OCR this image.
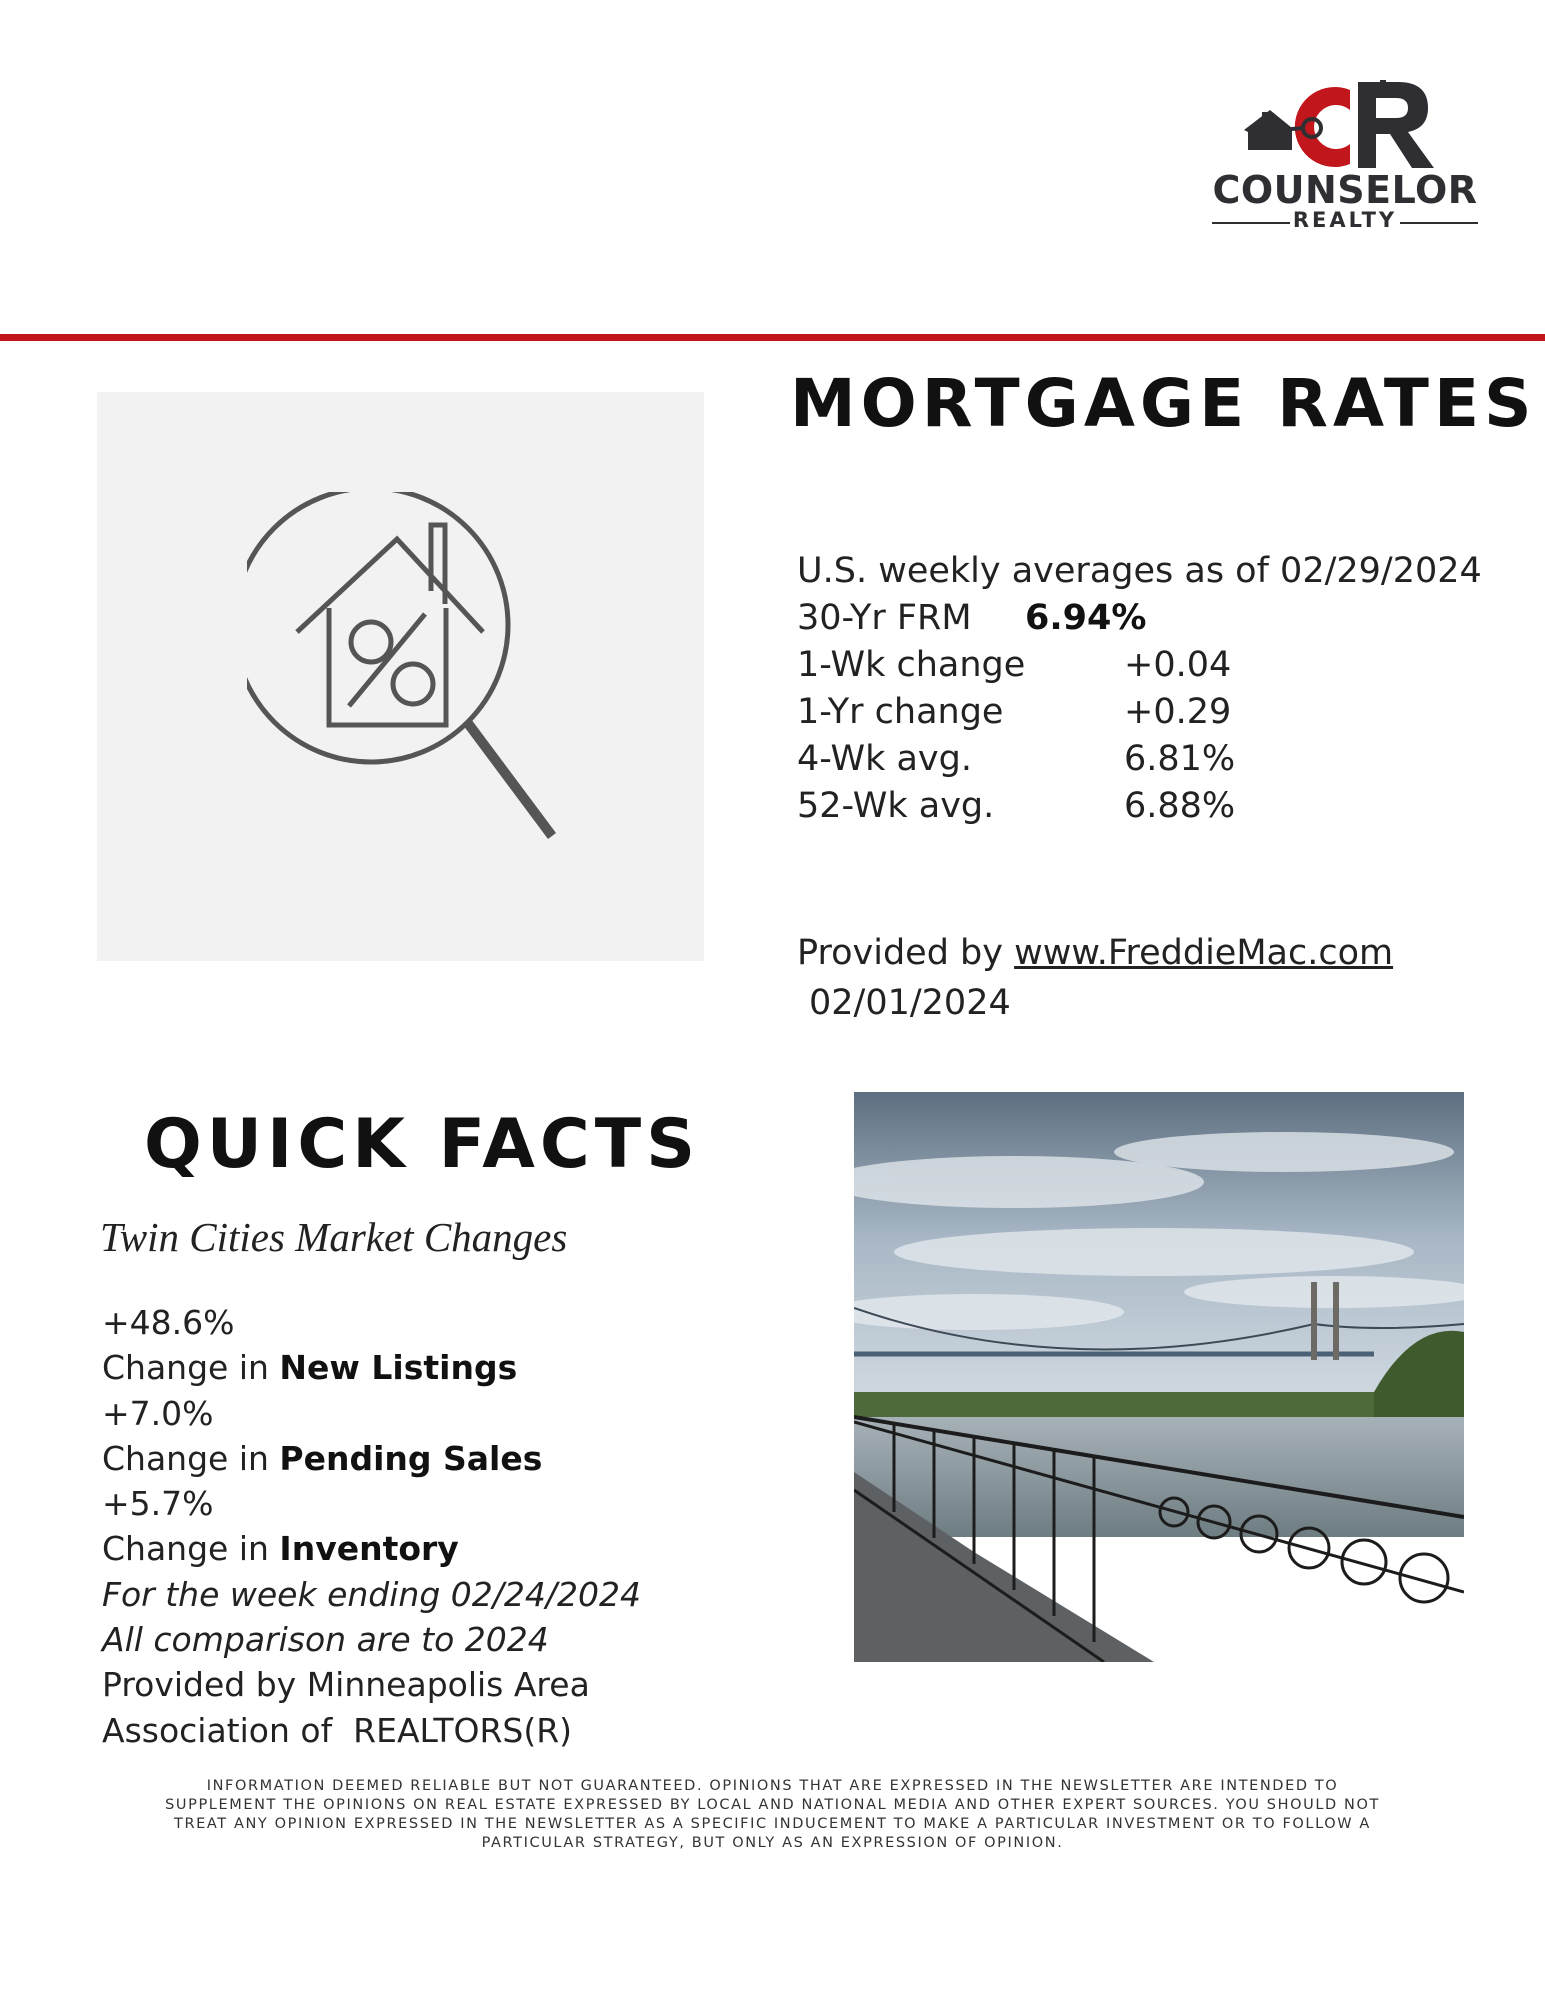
COUNSELOR
REALTY
MORTGAGE RATES
U.S. weekly averages as of 02/29/2024
30-Yr FRM 6.94%
1-Wk change	+0.04
1-Yr change	+0.29
4-Wk avg.	6.81%
52-Wk avg.	6.88%
Provided by www.FreddieMac.com
02/01/2024
QUICK FACTS
Twin Cities Market Changes
+48.6%
Change in New Listings
+7.0%
Change in Pending Sales
+5.7%
Change in Inventory
For the week ending 02/24/2024
All comparison are to 2024
Provided by Minneapolis Area
Association of  REALTORS(R)
INFORMATION DEEMED RELIABLE BUT NOT GUARANTEED. OPINIONS THAT ARE EXPRESSED IN THE NEWSLETTER ARE INTENDED TO SUPPLEMENT THE OPINIONS ON REAL ESTATE EXPRESSED BY LOCAL AND NATIONAL MEDIA AND OTHER EXPERT SOURCES. YOU SHOULD NOT TREAT ANY OPINION EXPRESSED IN THE NEWSLETTER AS A SPECIFIC INDUCEMENT TO MAKE A PARTICULAR INVESTMENT OR TO FOLLOW A PARTICULAR STRATEGY, BUT ONLY AS AN EXPRESSION OF OPINION.
